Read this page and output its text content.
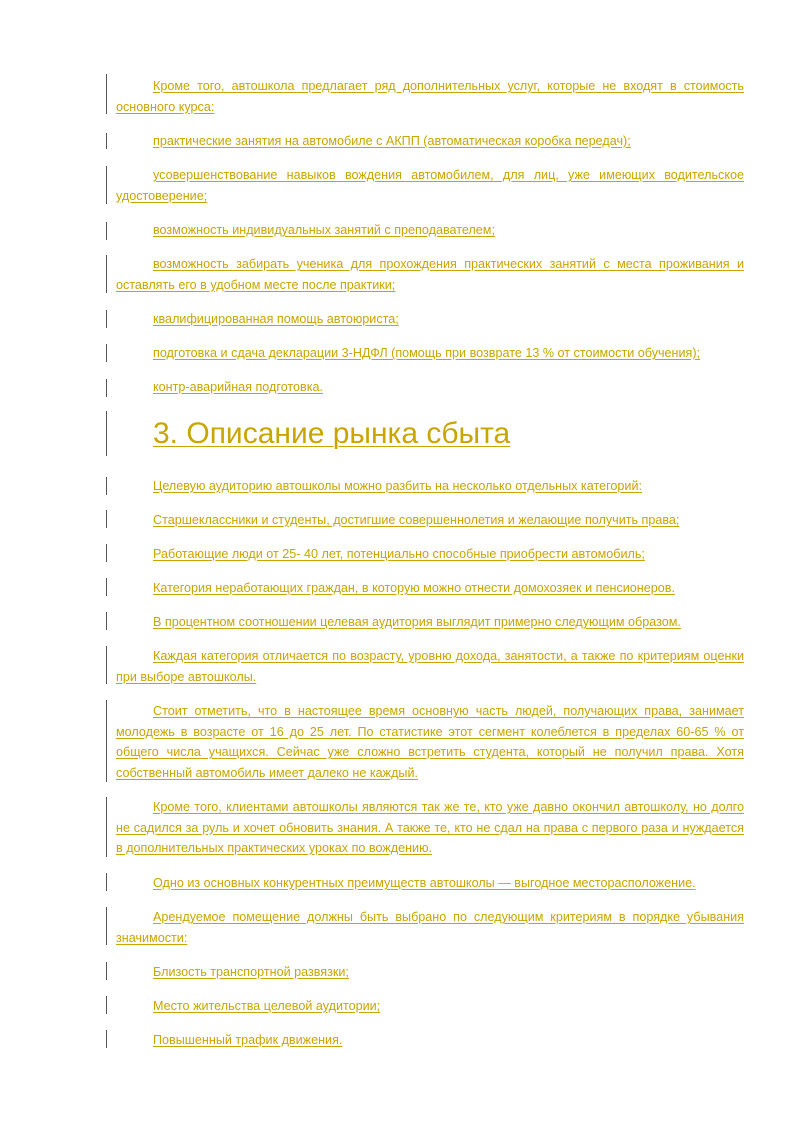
Кроме того, автошкола предлагает ряд дополнительных услуг, которые не входят в стоимость основного курса:

практические занятия на автомобиле с АКПП (автоматическая коробка передач);

усовершенствование навыков вождения автомобилем, для лиц, уже имеющих водительское удостоверение;

возможность индивидуальных занятий с преподавателем;

возможность забирать ученика для прохождения практических занятий с места проживания и оставлять его в удобном месте после практики;

квалифицированная помощь автоюриста;

подготовка и сдача декларации 3-НДФЛ (помощь при возврате 13 % от стоимости обучения);

контр-аварийная подготовка.

3. Описание рынка сбыта

Целевую аудиторию автошколы можно разбить на несколько отдельных категорий:

Старшеклассники и студенты, достигшие совершеннолетия и желающие получить права;

Работающие люди от 25- 40 лет, потенциально способные приобрести автомобиль;

Категория неработающих граждан, в которую можно отнести домохозяек и пенсионеров.

В процентном соотношении целевая аудитория выглядит примерно следующим образом.

Каждая категория отличается по возрасту, уровню дохода, занятости, а также по критериям оценки при выборе автошколы.

Стоит отметить, что в настоящее время основную часть людей, получающих права, занимает молодежь в возрасте от 16 до 25 лет. По статистике этот сегмент колеблется в пределах 60-65 % от общего числа учащихся. Сейчас уже сложно встретить студента, который не получил права. Хотя собственный автомобиль имеет далеко не каждый.

Кроме того, клиентами автошколы являются так же те, кто уже давно окончил автошколу, но долго не садился за руль и хочет обновить знания. А также те, кто не сдал на права с первого раза и нуждается в дополнительных практических уроках по вождению.

Одно из основных конкурентных преимуществ автошколы — выгодное месторасположение.

Арендуемое помещение должны быть выбрано по следующим критериям в порядке убывания значимости:

Близость транспортной развязки;

Место жительства целевой аудитории;

Повышенный трафик движения.
